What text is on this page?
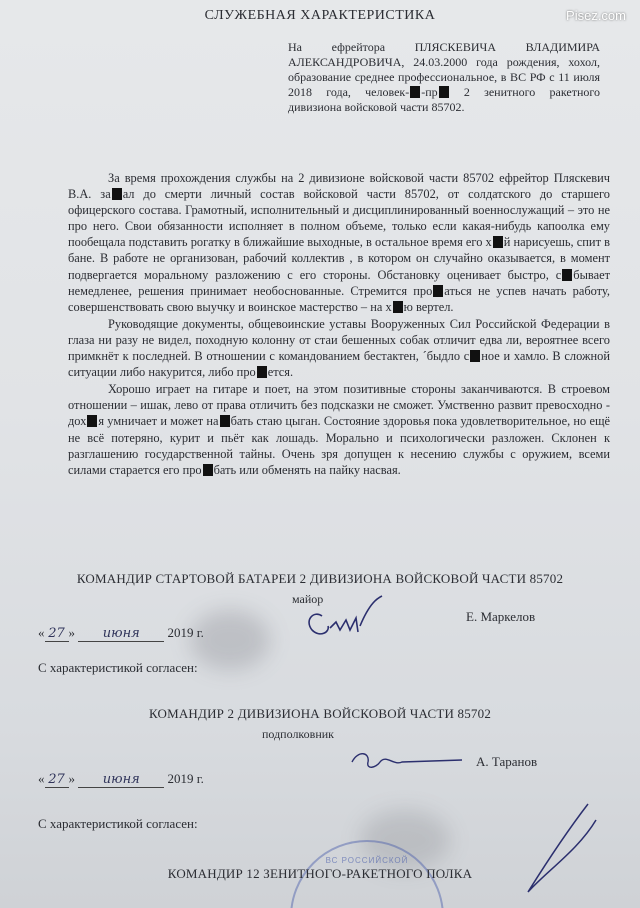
Pisez.com
СЛУЖЕБНАЯ ХАРАКТЕРИСТИКА
На ефрейтора ПЛЯСКЕВИЧА ВЛАДИМИРА АЛЕКСАНДРОВИЧА, 24.03.2000 года рождения, хохол, образование среднее профессиональное, в ВС РФ с 11 июля 2018 года, человек- -пр 2 зенитного ракетного дивизиона войсковой части 85702.

За время прохождения службы на 2 дивизионе войсковой части 85702 ефрейтор Пляскевич В.А. за ал до смерти личный состав войсковой части 85702, от солдатского до старшего офицерского состава. Грамотный, исполнительный и дисциплинированный военнослужащий – это не про него. Свои обязанности исполняет в полном объеме, только если какая-нибудь капоолка ему пообещала подставить рогатку в ближайшие выходные, в остальное время его х й нарисуешь, спит в бане. В работе не организован, рабочий коллектив , в котором он случайно оказывается, в момент подвергается моральному разложению с его стороны. Обстановку оценивает быстро, с бывает немедленее, решения принимает необоснованные. Стремится про аться не успев начать работу, совершенствовать свою выучку и воинское мастерство – на х ю вертел.

Руководящие документы, общевоинские уставы Вооруженных Сил Российской Федерации в глаза ни разу не видел, походную колонну от стаи бешенных собак отличит едва ли, вероятнее всего примкнёт к последней. В отношении с командованием бестактен, ´быдло с ное и хамло. В сложной ситуации либо накурится, либо про ется.

Хорошо играет на гитаре и поет, на этом позитивные стороны заканчиваются. В строевом отношении – ишак, лево от права отличить без подсказки не сможет. Умственно развит превосходно - дох я умничает и может на бать стаю цыган. Состояние здоровья пока удовлетворительное, но ещё не всё потеряно, курит и пьёт как лошадь. Морально и психологически разложен. Склонен к разглашению государственной тайны. Очень зря допущен к несению службы с оружием, всеми силами старается его про бать или обменять на пайку насвая.

КОМАНДИР СТАРТОВОЙ БАТАРЕИ 2 ДИВИЗИОНА ВОЙСКОВОЙ ЧАСТИ 85702
майор
Е. Маркелов
« 27 » июня 2019 г.
С характеристикой согласен:
КОМАНДИР 2 ДИВИЗИОНА ВОЙСКОВОЙ ЧАСТИ 85702
подполковник
А. Таранов
« 27 » июня 2019 г.
С характеристикой согласен:
ВС РОССИЙСКОЙ
КОМАНДИР 12 ЗЕНИТНОГО-РАКЕТНОГО ПОЛКА
